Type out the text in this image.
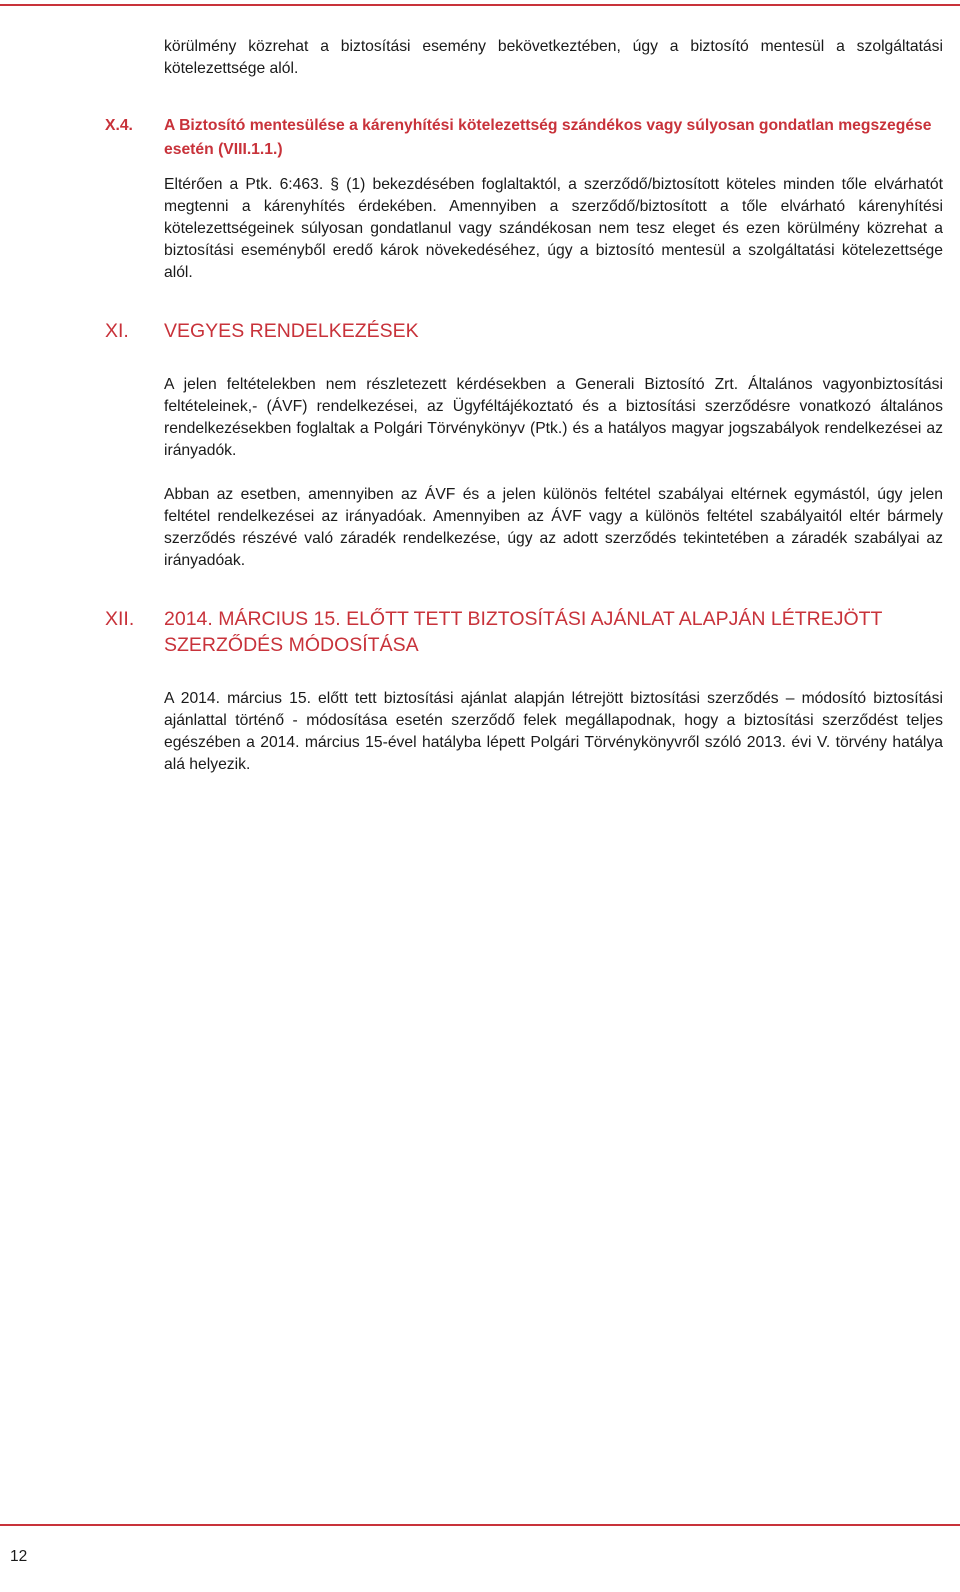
körülmény közrehat a biztosítási esemény bekövetkeztében, úgy a biztosító mentesül a szolgáltatási kötelezettsége alól.

X.4.	A Biztosító mentesülése a kárenyhítési kötelezettség szándékos vagy súlyosan gondatlan megszegése esetén (VIII.1.1.)

Eltérően a Ptk. 6:463. § (1) bekezdésében foglaltaktól, a szerződő/biztosított köteles minden tőle elvárhatót megtenni a kárenyhítés érdekében. Amennyiben a szerződő/biztosított a tőle elvárható kárenyhítési kötelezettségeinek súlyosan gondatlanul vagy szándékosan nem tesz eleget és ezen körülmény közrehat a biztosítási eseményből eredő károk növekedéséhez, úgy a biztosító mentesül a szolgáltatási kötelezettsége alól.

XI.	VEGYES RENDELKEZÉSEK

A jelen feltételekben nem részletezett kérdésekben a Generali Biztosító Zrt. Általános vagyonbiztosítási feltételeinek,- (ÁVF) rendelkezései, az Ügyféltájékoztató és a biztosítási szerződésre vonatkozó általános rendelkezésekben foglaltak a Polgári Törvénykönyv (Ptk.) és a hatályos magyar jogszabályok rendelkezései az irányadók.

Abban az esetben, amennyiben az ÁVF és a jelen különös feltétel szabályai eltérnek egymástól, úgy jelen feltétel rendelkezései az irányadóak. Amennyiben az ÁVF vagy a különös feltétel szabályaitól eltér bármely szerződés részévé való záradék rendelkezése, úgy az adott szerződés tekintetében a záradék szabályai az irányadóak.

XII.	2014. MÁRCIUS 15. ELŐTT TETT BIZTOSÍTÁSI AJÁNLAT ALAPJÁN LÉTREJÖTT SZERZŐDÉS MÓDOSÍTÁSA

A 2014. március 15. előtt tett biztosítási ajánlat alapján létrejött biztosítási szerződés – módosító biztosítási ajánlattal történő - módosítása esetén szerződő felek megállapodnak, hogy a biztosítási szerződést teljes egészében a 2014. március 15-ével hatályba lépett Polgári Törvénykönyvről szóló 2013. évi V. törvény hatálya alá helyezik.

12
